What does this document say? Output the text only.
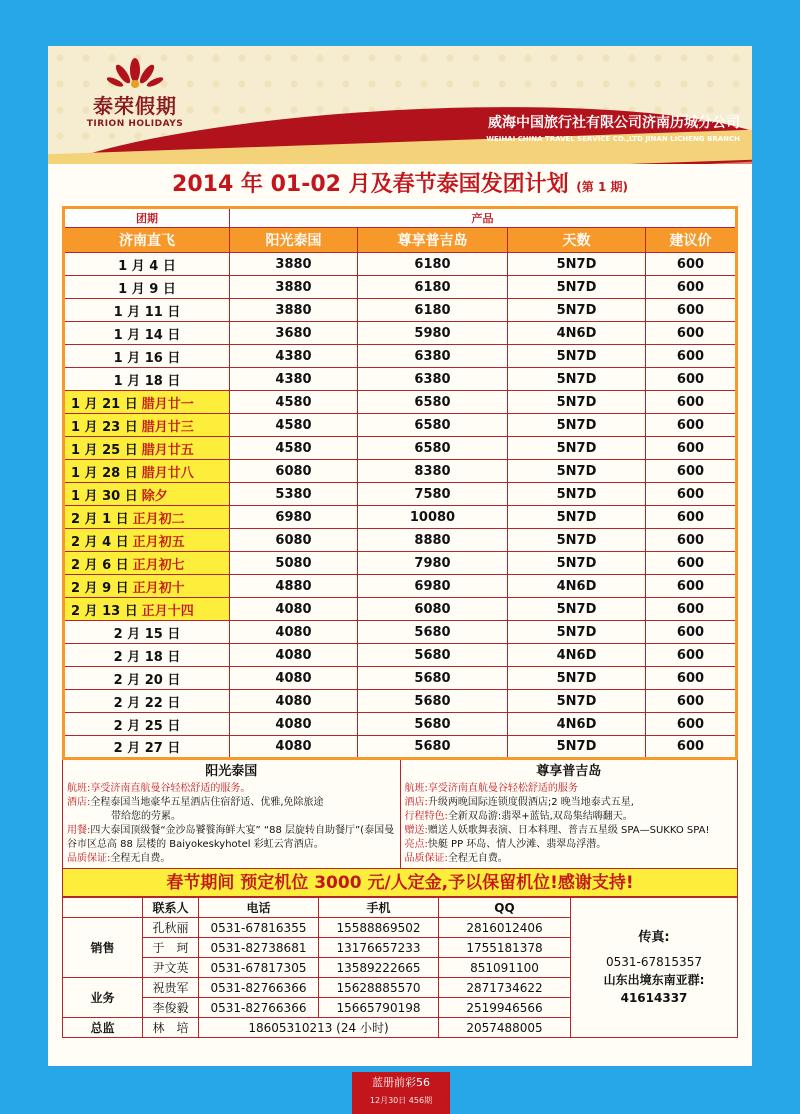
泰荣假期
TIRION HOLIDAYS	威海中国旅行社有限公司济南历城分公司
WEIHAI CHINA TRAVEL SERVICE CO.,LTD JINAN LICHENG BRANCH
2014 年 01-02 月及春节泰国发团计划 (第 1 期)
团期	产品			
济南直飞	阳光泰国	尊享普吉岛	天数	建议价
1 月 4 日	3880	6180	5N7D	600
1 月 9 日	3880	6180	5N7D	600
1 月 11 日	3880	6180	5N7D	600
1 月 14 日	3680	5980	4N6D	600
1 月 16 日	4380	6380	5N7D	600
1 月 18 日	4380	6380	5N7D	600
1 月 21 日 腊月廿一	4580	6580	5N7D	600
1 月 23 日 腊月廿三	4580	6580	5N7D	600
1 月 25 日 腊月廿五	4580	6580	5N7D	600
1 月 28 日 腊月廿八	6080	8380	5N7D	600
1 月 30 日 除夕	5380	7580	5N7D	600
2 月 1 日 正月初二	6980	10080	5N7D	600
2 月 4 日 正月初五	6080	8880	5N7D	600
2 月 6 日 正月初七	5080	7980	5N7D	600
2 月 9 日 正月初十	4880	6980	4N6D	600
2 月 13 日 正月十四	4080	6080	5N7D	600
2 月 15 日	4080	5680	5N7D	600
2 月 18 日	4080	5680	4N6D	600
2 月 20 日	4080	5680	5N7D	600
2 月 22 日	4080	5680	5N7D	600
2 月 25 日	4080	5680	4N6D	600
2 月 27 日	4080	5680	5N7D	600
阳光泰国
航班:享受济南直航曼谷轻松舒适的服务。
酒店:全程泰国当地豪华五星酒店住宿舒适、优雅,免除旅途
带给您的劳累。
用餐:四大泰国顶级餐“金沙岛饕餮海鲜大宴” “88 层旋转自助餐厅”(泰国曼谷市区总高 88 层楼的 Baiyokeskyhotel 彩虹云宵酒店。
品质保证:全程无自费。
尊享普吉岛
航班:享受济南直航曼谷轻松舒适的服务
酒店:升级两晚国际连锁度假酒店;2 晚当地泰式五星,
行程特色:全新双岛游:翡翠+蓝钻,双岛集结嗨翻天。
赠送:赠送人妖歌舞表演、日本料理、普吉五星级 SPA—SUKKO SPA!
亮点:快艇 PP 环岛、情人沙滩、翡翠岛浮潜。
品质保证:全程无自费。
春节期间 预定机位 3000 元/人定金,予以保留机位!感谢支持!
	联系人	电话	手机	QQ	传真:
0531-67815357
山东出境东南亚群:
41614337

销售	孔秋丽	0531-67816355	15588869502	2816012406	
	于　珂	0531-82738681	13176657233	1755181378	
	尹文英	0531-67817305	13589222665	851091100	
业务	祝贵军	0531-82766366	15628885570	2871734622	
	李俊毅	0531-82766366	15665790198	2519946566	
总监	林　培	18605310213 (24 小时)		2057488005	
蓝册前彩56
12月30日 456期
